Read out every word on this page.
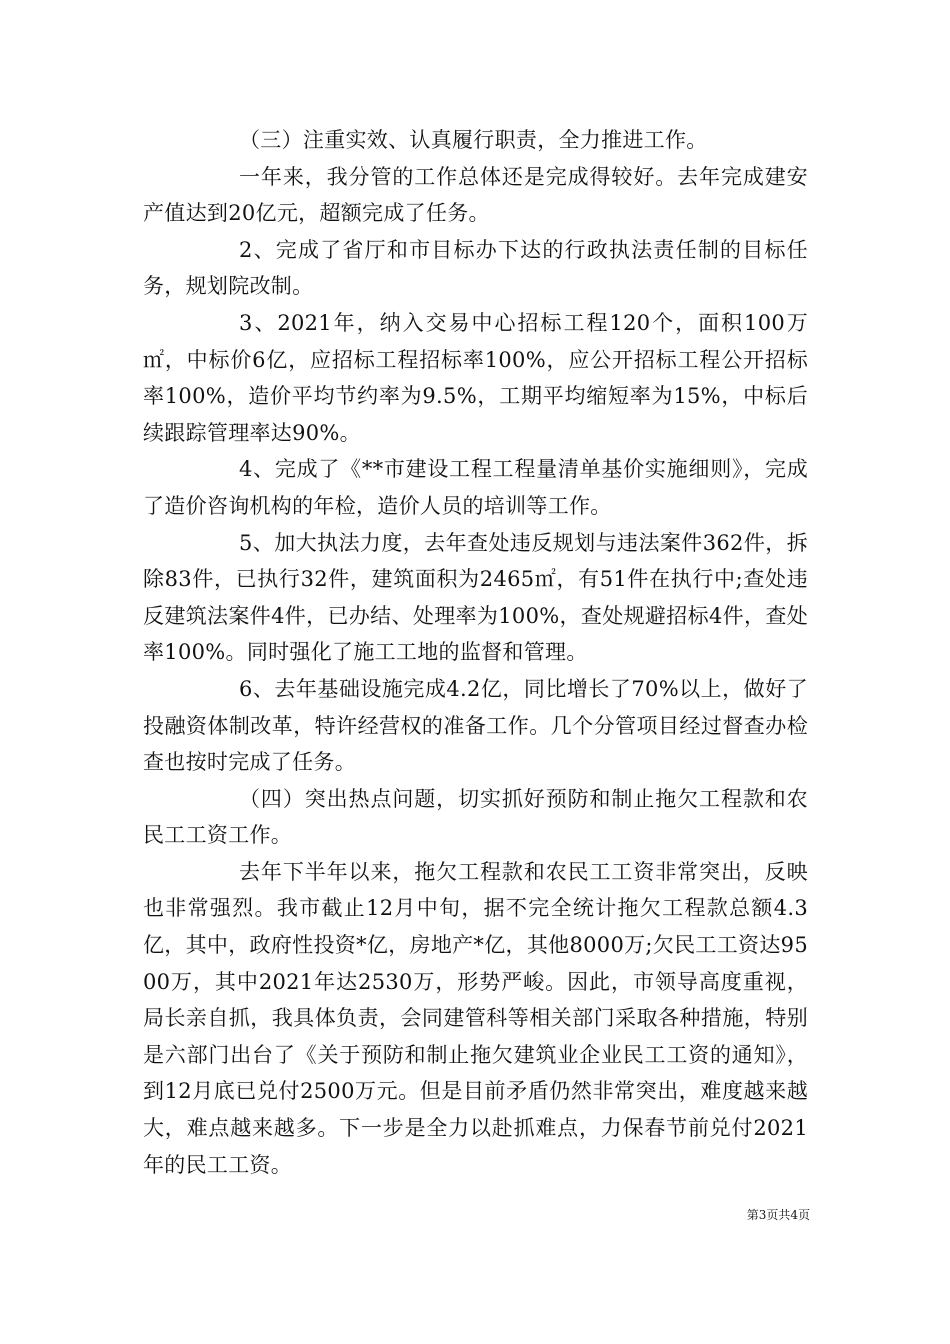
（三）注重实效、认真履行职责，全力推进工作。

一年来，我分管的工作总体还是完成得较好。去年完成建安产值达到20亿元，超额完成了任务。

2、完成了省厅和市目标办下达的行政执法责任制的目标任务，规划院改制。

3、2021年，纳入交易中心招标工程120个，面积100万㎡，中标价6亿，应招标工程招标率100%，应公开招标工程公开招标率100%，造价平均节约率为9.5%，工期平均缩短率为15%，中标后续跟踪管理率达90%。

4、完成了《**市建设工程工程量清单基价实施细则》，完成了造价咨询机构的年检，造价人员的培训等工作。

5、加大执法力度，去年查处违反规划与违法案件362件，拆除83件，已执行32件，建筑面积为2465㎡，有51件在执行中;查处违反建筑法案件4件，已办结、处理率为100%，查处规避招标4件，查处率100%。同时强化了施工工地的监督和管理。

6、去年基础设施完成4.2亿，同比增长了70%以上，做好了投融资体制改革，特许经营权的准备工作。几个分管项目经过督查办检查也按时完成了任务。

（四）突出热点问题，切实抓好预防和制止拖欠工程款和农民工工资工作。

去年下半年以来，拖欠工程款和农民工工资非常突出，反映也非常强烈。我市截止12月中旬，据不完全统计拖欠工程款总额4.3亿，其中，政府性投资*亿，房地产*亿，其他8000万;欠民工工资达9500万，其中2021年达2530万，形势严峻。因此，市领导高度重视，局长亲自抓，我具体负责，会同建管科等相关部门采取各种措施，特别是六部门出台了《关于预防和制止拖欠建筑业企业民工工资的通知》，到12月底已兑付2500万元。但是目前矛盾仍然非常突出，难度越来越大，难点越来越多。下一步是全力以赴抓难点，力保春节前兑付2021年的民工工资。

第3页共4页
